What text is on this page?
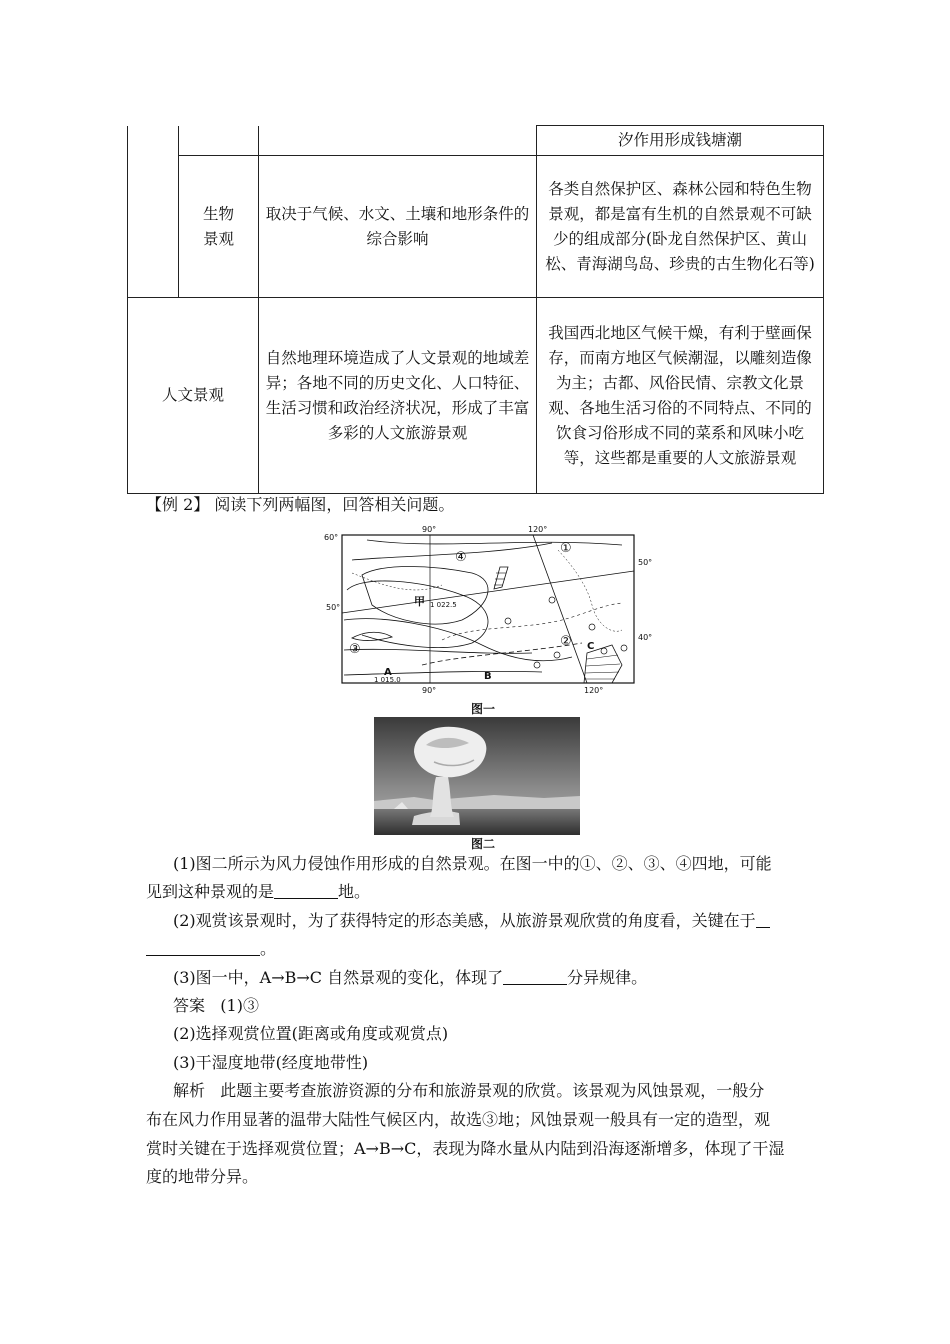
			汐作用形成钱塘潮
	生物景观	取决于气候、水文、土壤和地形条件的综合影响	各类自然保护区、森林公园和特色生物景观，都是富有生机的自然景观不可缺少的组成部分(卧龙自然保护区、黄山松、青海湖鸟岛、珍贵的古生物化石等)
人文景观		自然地理环境造成了人文景观的地域差异；各地不同的历史文化、人口特征、生活习惯和政治经济状况，形成了丰富多彩的人文旅游景观	我国西北地区气候干燥，有利于壁画保存，而南方地区气候潮湿，以雕刻造像为主；古都、风俗民情、宗教文化景观、各地生活习俗的不同特点、不同的饮食习俗形成不同的菜系和风味小吃等，这些都是重要的人文旅游景观
【例 2】 阅读下列两幅图，回答相关问题。
60°
50°
50°
40°
90°	120°
90°	120°
1 022.5
1 015.0
甲
①
②
③
④
A	B
C
图一
图二
(1)图二所示为风力侵蚀作用形成的自然景观。在图一中的①、②、③、④四地，可能
见到这种景观的是	地。
(2)观赏该景观时，为了获得特定的形态美感，从旅游景观欣赏的角度看，关键在于
。
(3)图一中，A→B→C 自然景观的变化，体现了	分异规律。
答案 (1)③
(2)选择观赏位置(距离或角度或观赏点)
(3)干湿度地带(经度地带性)
解析 此题主要考查旅游资源的分布和旅游景观的欣赏。该景观为风蚀景观，一般分
布在风力作用显著的温带大陆性气候区内，故选③地；风蚀景观一般具有一定的造型，观
赏时关键在于选择观赏位置；A→B→C，表现为降水量从内陆到沿海逐渐增多，体现了干湿
度的地带分异。
